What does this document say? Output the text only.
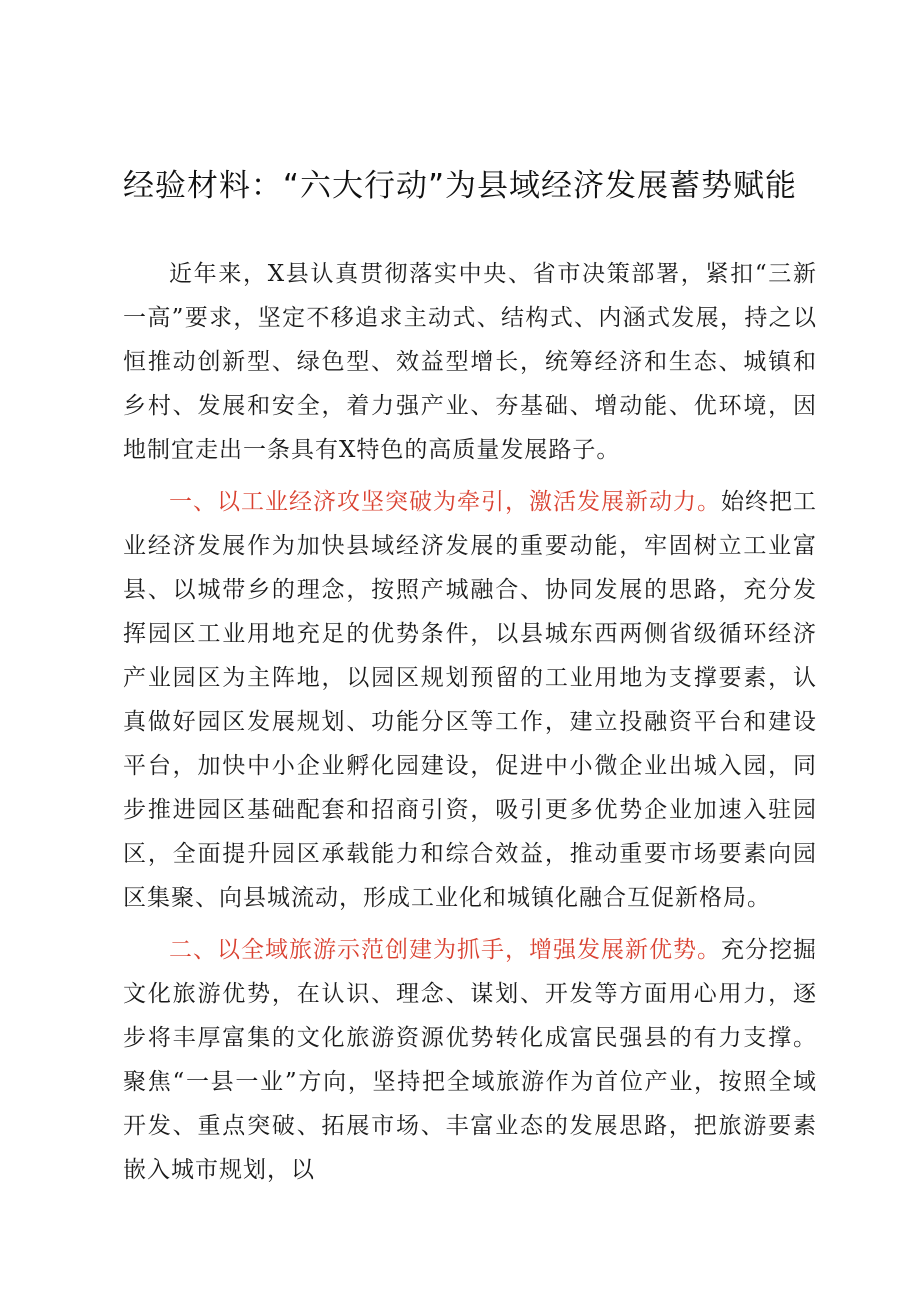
经验材料：“六大行动”为县域经济发展蓄势赋能

近年来，X县认真贯彻落实中央、省市决策部署，紧扣“三新一高”要求，坚定不移追求主动式、结构式、内涵式发展，持之以恒推动创新型、绿色型、效益型增长，统筹经济和生态、城镇和乡村、发展和安全，着力强产业、夯基础、增动能、优环境，因地制宜走出一条具有X特色的高质量发展路子。

一、以工业经济攻坚突破为牵引，激活发展新动力。始终把工业经济发展作为加快县域经济发展的重要动能，牢固树立工业富县、以城带乡的理念，按照产城融合、协同发展的思路，充分发挥园区工业用地充足的优势条件，以县城东西两侧省级循环经济产业园区为主阵地，以园区规划预留的工业用地为支撑要素，认真做好园区发展规划、功能分区等工作，建立投融资平台和建设平台，加快中小企业孵化园建设，促进中小微企业出城入园，同步推进园区基础配套和招商引资，吸引更多优势企业加速入驻园区，全面提升园区承载能力和综合效益，推动重要市场要素向园区集聚、向县城流动，形成工业化和城镇化融合互促新格局。

二、以全域旅游示范创建为抓手，增强发展新优势。充分挖掘文化旅游优势，在认识、理念、谋划、开发等方面用心用力，逐步将丰厚富集的文化旅游资源优势转化成富民强县的有力支撑。聚焦“一县一业”方向，坚持把全域旅游作为首位产业，按照全域开发、重点突破、拓展市场、丰富业态的发展思路，把旅游要素嵌入城市规划，以
